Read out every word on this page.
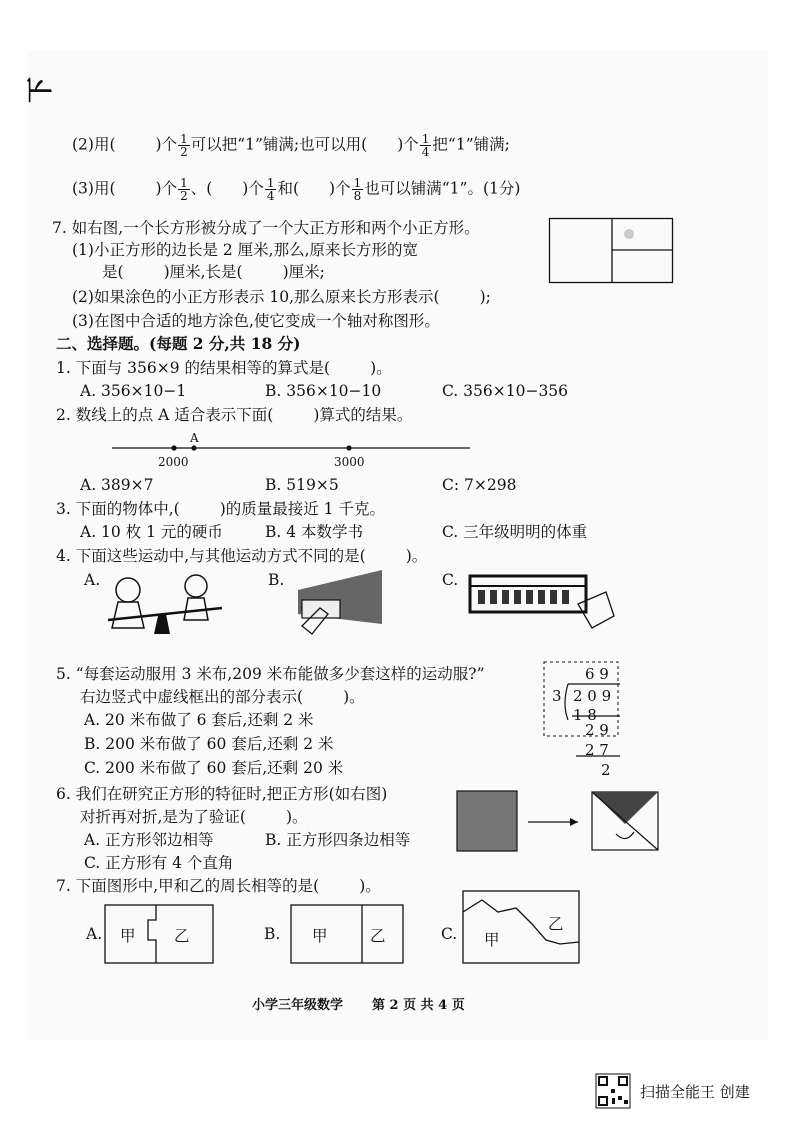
下
(2)用(	)个 $\frac{1}{2}$ 可以把“1”铺满;也可以用( )个 $\frac{1}{4}$ 把“1”铺满;
(3)用(	)个 $\frac{1}{2}$ 、( )个 $\frac{1}{4}$ 和( )个 $\frac{1}{8}$ 也可以铺满“1”。(1分)
7. 如右图,一个长方形被分成了一个大正方形和两个小正方形。
(1)小正方形的边长是 2 厘米,那么,原来长方形的宽
是(	)厘米,长是(	)厘米;
(2)如果涂色的小正方形表示 10,那么原来长方形表示(	);
(3)在图中合适的地方涂色,使它变成一个轴对称图形。
二、选择题。(每题 2 分,共 18 分)
1. 下面与 356×9 的结果相等的算式是(	)。
A. 356×10−1	B. 356×10−10	C. 356×10−356
2. 数线上的点 A 适合表示下面(	)算式的结果。
A
2000	3000
A. 389×7	B. 519×5	C: 7×298
3. 下面的物体中,(	)的质量最接近 1 千克。
A. 10 枚 1 元的硬币	B. 4 本数学书	C. 三年级明明的体重
4. 下面这些运动中,与其他运动方式不同的是(	)。
A.	B.	C.
5. “每套运动服用 3 米布,209 米布能做多少套这样的运动服?”
右边竖式中虚线框出的部分表示(	)。
A. 20 米布做了 6 套后,还剩 2 米
B. 200 米布做了 60 套后,还剩 2 米
C. 200 米布做了 60 套后,还剩 20 米
6 9
3 2 0 9
1 8
2 9
2 7
2
6. 我们在研究正方形的特征时,把正方形(如右图)
对折再对折,是为了验证(	)。
A. 正方形邻边相等	B. 正方形四条边相等
C. 正方形有 4 个直角
7. 下面图形中,甲和乙的周长相等的是(	)。
A.	B.	C.
甲 乙	甲	乙	甲
乙
小学三年级数学 第 2 页 共 4 页
扫描全能王 创建
